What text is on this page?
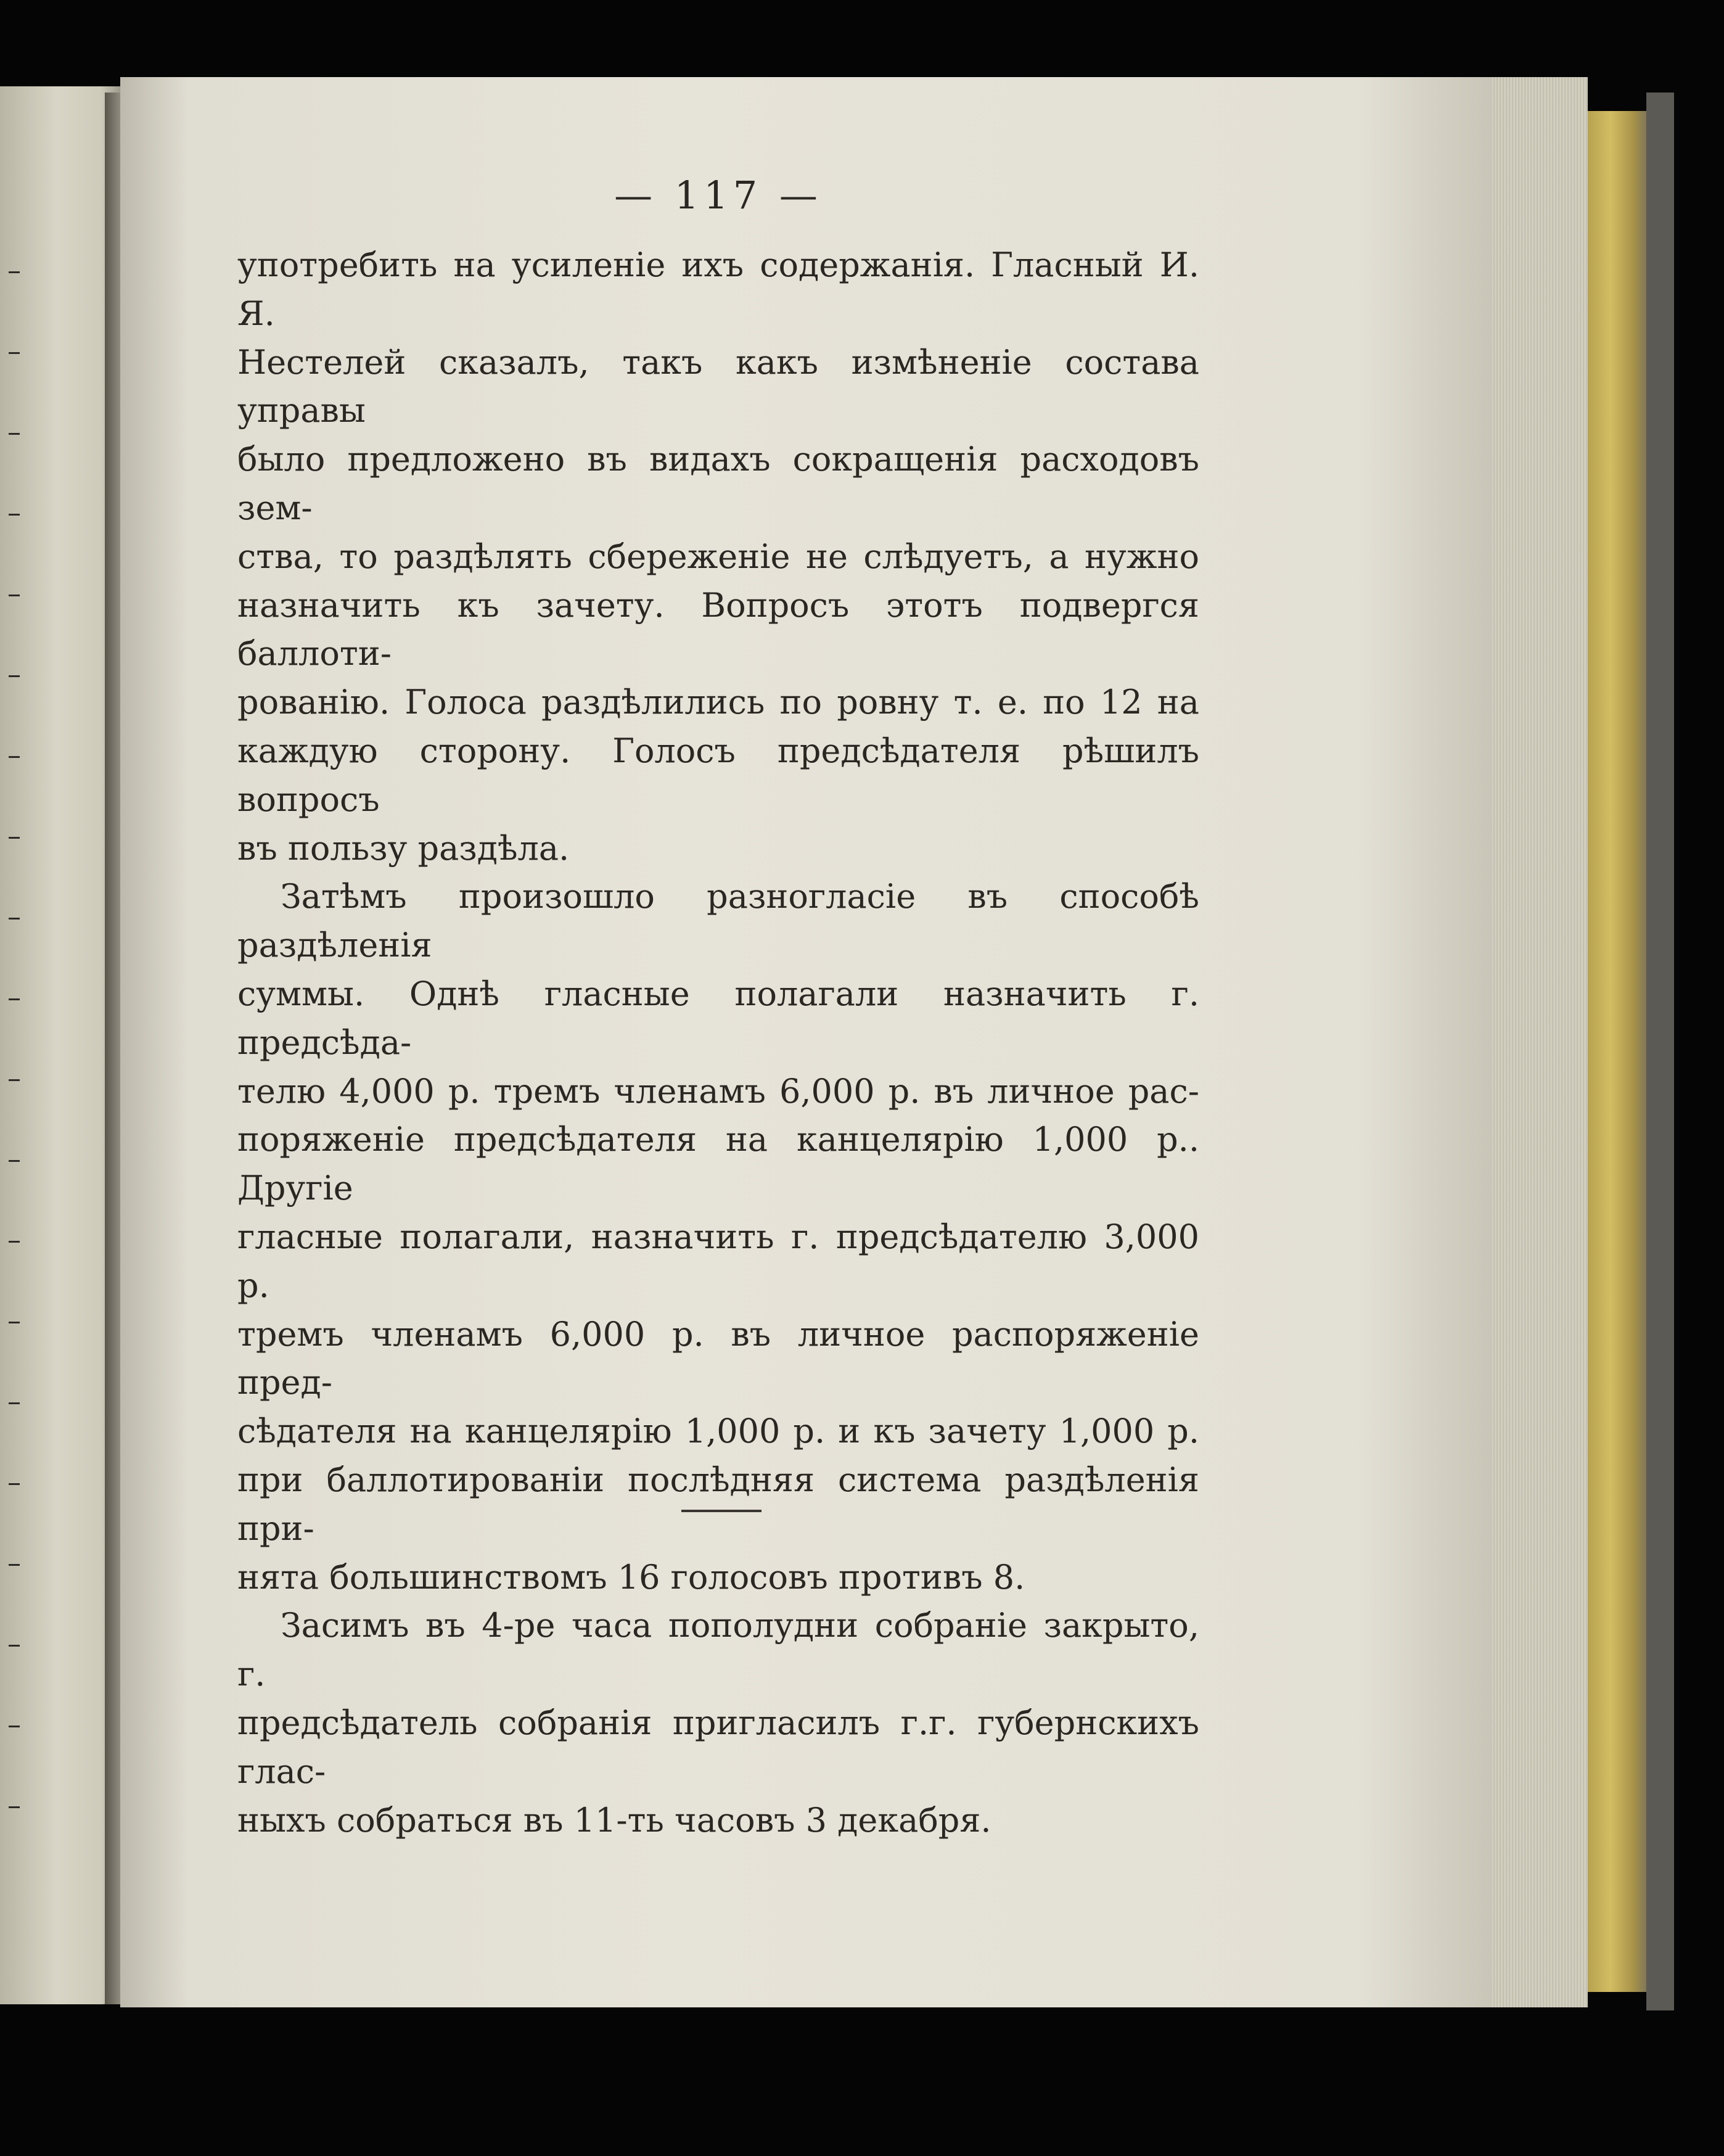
— 117 —

употребить на усиленіе ихъ содержанія. Гласный И. Я.

Нестелей сказалъ, такъ какъ измѣненіе состава управы

было предложено въ видахъ сокращенія расходовъ зем-

ства, то раздѣлять сбереженіе не слѣдуетъ, а нужно

назначить къ зачету. Вопросъ этотъ подвергся баллоти-

рованію. Голоса раздѣлились по ровну т. е. по 12 на

каждую сторону. Голосъ предсѣдателя рѣшилъ вопросъ

въ пользу раздѣла.

Затѣмъ произошло разногласіе въ способѣ раздѣленія

суммы. Однѣ гласные полагали назначить г. предсѣда-

телю 4,000 р. тремъ членамъ 6,000 р. въ личное рас-

поряженіе предсѣдателя на канцелярію 1,000 р.. Другіе

гласные полагали, назначить г. предсѣдателю 3,000 р.

тремъ членамъ 6,000 р. въ личное распоряженіе пред-

сѣдателя на канцелярію 1,000 р. и къ зачету 1,000 р.

при баллотированіи послѣдняя система раздѣленія при-

нята большинствомъ 16 голосовъ противъ 8.

Засимъ въ 4-ре часа пополудни собраніе закрыто, г.

предсѣдатель собранія пригласилъ г.г. губернскихъ глас-

ныхъ собраться въ 11-ть часовъ 3 декабря.
